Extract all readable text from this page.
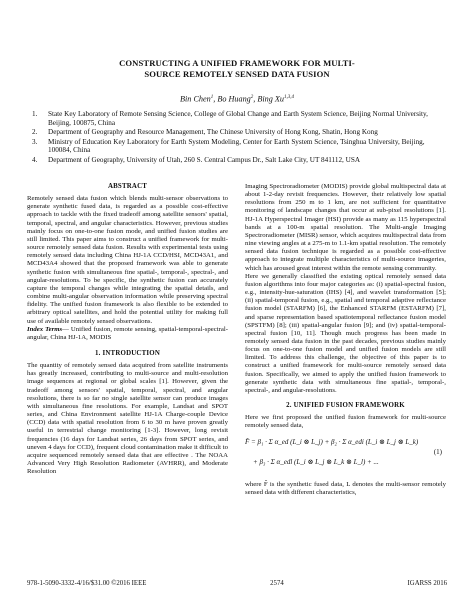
CONSTRUCTING A UNIFIED FRAMEWORK FOR MULTI-
SOURCE REMOTELY SENSED DATA FUSION
Bin Chen$^1$, Bo Huang$^2$, Bing Xu$^{1,3,4}$
1. State Key Laboratory of Remote Sensing Science, College of Global Change and Earth System Science, Beijing Normal University, Beijing, 100875, China
2. Department of Geography and Resource Management, The Chinese University of Hong Kong, Shatin, Hong Kong
3. Ministry of Education Key Laboratory for Earth System Modeling, Center for Earth System Science, Tsinghua University, Beijing, 100084, China
4. Department of Geography, University of Utah, 260 S. Central Campus Dr., Salt Lake City, UT 841112, USA
ABSTRACT

Remotely sensed data fusion which blends multi-sensor observations to generate synthetic fused data, is regarded as a possible cost-effective approach to tackle with the fixed tradeoff among satellite sensors' spatial, temporal, spectral, and angular characteristics. However, previous studies mainly focus on one-to-one fusion mode, and unified fusion studies are still limited. This paper aims to construct a unified framework for multi-source remotely sensed data fusion. Results with experimental tests using remotely sensed data including China HJ-1A CCD/HSI, MCD43A1, and MCD43A4 showed that the proposed framework was able to generate synthetic fusion with simultaneous fine spatial-, temporal-, spectral-, and angular-resolutions. To be specific, the synthetic fusion can accurately capture the temporal changes while integrating the spatial details, and combine multi-angular observation information while preserving spectral fidelity. The unified fusion framework is also flexible to be extended to arbitrary optical satellites, and hold the potential utility for making full use of available remotely sensed observations.

Index Terms— Unified fusion, remote sensing, spatial-temporal-spectral-angular, China HJ-1A, MODIS

1. INTRODUCTION

The quantity of remotely sensed data acquired from satellite instruments has greatly increased, contributing to multi-source and multi-resolution image sequences at regional or global scales [1]. However, given the tradeoff among sensors' spatial, temporal, spectral, and angular resolutions, there is so far no single satellite sensor can produce images with simultaneous fine resolutions. For example, Landsat and SPOT series, and China Environment satellite HJ-1A Charge-couple Device (CCD) data with spatial resolution from 6 to 30 m have proven greatly useful in terrestrial change monitoring [1-3]. However, long revisit frequencies (16 days for Landsat series, 26 days from SPOT series, and uneven 4 days for CCD), frequent cloud contamination make it difficult to acquire sequenced remotely sensed data that are effective . The NOAA Advanced Very High Resolution Radiometer (AVHRR), and Moderate Resolution

Imaging Spectroradiometer (MODIS) provide global multispectral data at about 1-2-day revisit frequencies. However, their relatively low spatial resolutions from 250 m to 1 km, are not sufficient for quantitative monitoring of landscape changes that occur at sub-pixel resolutions [1]. HJ-1A Hyperspectral Imager (HSI) provide as many as 115 hyperspectral bands at a 100-m spatial resolution. The Multi-angle Imaging Spectroradiometer (MISR) sensor, which acquires multispectral data from nine viewing angles at a 275-m to 1.1-km spatial resolution. The remotely sensed data fusion technique is regarded as a possible cost-effective approach to integrate multiple characteristics of multi-source imageries, which has aroused great interest within the remote sensing community.

Here we generally classified the existing optical remotely sensed data fusion algorithms into four major categories as: (i) spatial-spectral fusion, e.g., intensity-hue-saturation (IHS) [4], and wavelet transformation [5]; (ii) spatial-temporal fusion, e.g., spatial and temporal adaptive reflectance fusion model (STARFM) [6], the Enhanced STARFM (ESTARFM) [7], and sparse representation based spatiotemporal reflectance fusion model (SPSTFM) [8]; (iii) spatial-angular fusion [9]; and (iv) spatial-temporal-spectral fusion [10, 11]. Though much progress has been made in remotely sensed data fusion in the past decades, previous studies mainly focus on one-to-one fusion model and unified fusion models are still limited. To address this challenge, the objective of this paper is to construct a unified framework for multi-source remotely sensed data fusion. Specifically, we aimed to apply the unified fusion framework to generate synthetic data with simultaneous fine spatial-, temporal-, spectral-, and angular-resolutions.

2. UNIFIED FUSION FRAMEWORK

Here we first proposed the unified fusion framework for multi-source remotely sensed data,

F̂ = β₁ · Σ α_ed (L_i ⊗ L_j) + β₂ · Σ α_edi (L_i ⊗ L_j ⊗ L_k)
+ β₃ · Σ α_edl (L_i ⊗ L_j ⊗ L_k ⊗ L_l) + ...
(1)

where F̂ is the synthetic fused data, L denotes the multi-sensor remotely sensed data with different characteristics,

978-1-5090-3332-4/16/$31.00 ©2016 IEEE	2574	IGARSS 2016
